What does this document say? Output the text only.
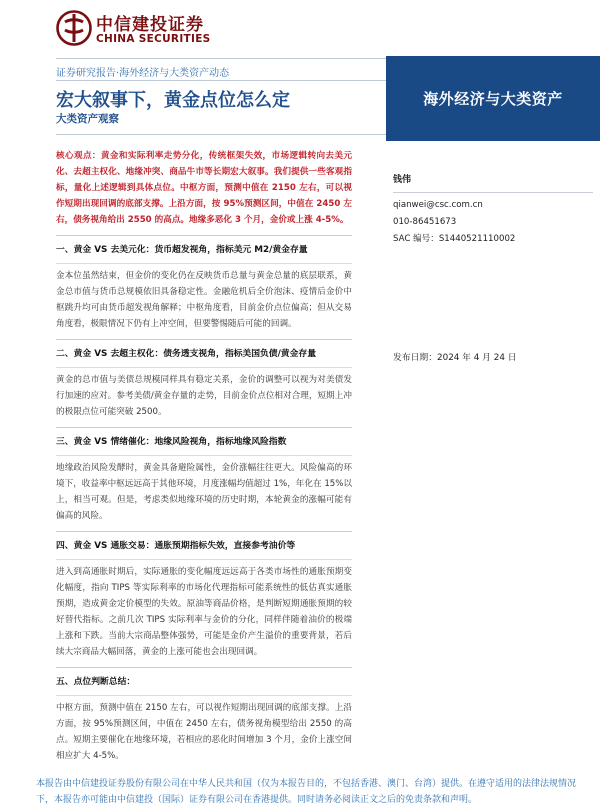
中信建投证券
CHINA SECURITIES
证券研究报告·海外经济与大类资产动态
宏大叙事下，黄金点位怎么定
大类资产观察
海外经济与大类资产

核心观点：黄金和实际利率走势分化，传统框架失效，市场逻辑转向去美元化、去超主权化、地缘冲突、商品牛市等长期宏大叙事。我们提供一些客观指标，量化上述逻辑到具体点位。中枢方面，预测中值在 2150 左右，可以视作短期出现回调的底部支撑。上沿方面，按 95%预测区间，中值在 2450 左右，债务视角给出 2550 的高点。地缘多恶化 3 个月，金价或上涨 4-5%。

一、黄金 VS 去美元化：货币超发视角，指标美元 M2/黄金存量

金本位虽然结束，但金价的变化仍在反映货币总量与黄金总量的底层联系，黄金总市值与货币总规模依旧具备稳定性。金融危机后全价泡沫、疫情后金价中枢跳升均可由货币超发视角解释；中枢角度看，目前金价点位偏高；但从交易角度看，极限情况下仍有上冲空间，但要警惕随后可能的回调。

二、黄金 VS 去超主权化：债务透支视角，指标美国负债/黄金存量

黄金的总市值与美债总规模同样具有稳定关系，金价的调整可以视为对美债发行加速的应对。参考美债/黄金存量的走势，目前金价点位相对合理，短期上冲的极限点位可能突破 2500。

三、黄金 VS 情绪催化：地缘风险视角，指标地缘风险指数

地缘政治风险发酵时，黄金具备避险属性，金价涨幅往往更大。风险偏高的环境下，收益率中枢远远高于其他环境，月度涨幅均值超过 1%，年化在 15%以上，相当可观。但是，考虑类似地缘环境的历史时期，本轮黄金的涨幅可能有偏高的风险。

四、黄金 VS 通胀交易：通胀预期指标失效，直接参考油价等

进入到高通胀时期后，实际通胀的变化幅度远远高于各类市场性的通胀预期变化幅度，指向 TIPS 等实际利率的市场化代理指标可能系统性的低估真实通胀预期，造成黄金定价模型的失效。原油等商品价格，是判断短期通胀预期的较好替代指标。之前几次 TIPS 实际利率与金价的分化，同样伴随着油价的极端上涨和下跌。当前大宗商品整体强势，可能是金价产生溢价的重要背景，若后续大宗商品大幅回落，黄金的上涨可能也会出现回调。

五、点位判断总结：

中枢方面，预测中值在 2150 左右，可以视作短期出现回调的底部支撑。上沿方面，按 95%预测区间，中值在 2450 左右，债务视角模型给出 2550 的高点。短期主要催化在地缘环境，若相应的恶化时间增加 3 个月，金价上涨空间相应扩大 4-5%。

钱伟
qianwei@csc.com.cn
010-86451673
SAC 编号：S1440521110002
发布日期：2024 年 4 月 24 日
本报告由中信建投证券股份有限公司在中华人民共和国（仅为本报告目的，不包括香港、澳门、台湾）提供。在遵守适用的法律法规情况下，本报告亦可能由中信建投（国际）证券有限公司在香港提供。同时请务必阅读正文之后的免责条款和声明。
